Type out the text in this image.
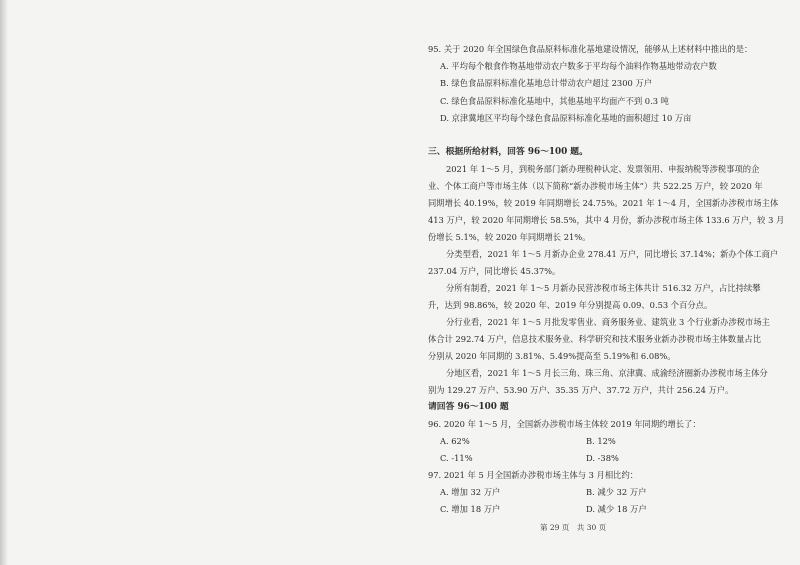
95. 关于 2020 年全国绿色食品原料标准化基地建设情况，能够从上述材料中推出的是：
A. 平均每个粮食作物基地带动农户数多于平均每个油料作物基地带动农户数
B. 绿色食品原料标准化基地总计带动农户超过 2300 万户
C. 绿色食品原料标准化基地中，其他基地平均面产不到 0.3 吨
D. 京津冀地区平均每个绿色食品原料标准化基地的面积超过 10 万亩
三、根据所给材料，回答 96～100 题。
2021 年 1～5 月，到税务部门新办理税种认定、发票领用、申报纳税等涉税事项的企
业、个体工商户等市场主体（以下简称“新办涉税市场主体”）共 522.25 万户，较 2020 年
同期增长 40.19%，较 2019 年同期增长 24.75%。2021 年 1～4 月，全国新办涉税市场主体
413 万户，较 2020 年同期增长 58.5%，其中 4 月份，新办涉税市场主体 133.6 万户，较 3 月
份增长 5.1%，较 2020 年同期增长 21%。
分类型看，2021 年 1～5 月新办企业 278.41 万户，同比增长 37.14%；新办个体工商户
237.04 万户，同比增长 45.37%。
分所有制看，2021 年 1～5 月新办民营涉税市场主体共计 516.32 万户，占比持续攀
升，达到 98.86%，较 2020 年、2019 年分别提高 0.09、0.53 个百分点。
分行业看，2021 年 1～5 月批发零售业、商务服务业、建筑业 3 个行业新办涉税市场主
体合计 292.74 万户，信息技术服务业、科学研究和技术服务业新办涉税市场主体数量占比
分别从 2020 年同期的 3.81%、5.49%提高至 5.19%和 6.08%。
分地区看，2021 年 1～5 月长三角、珠三角、京津冀、成渝经济圈新办涉税市场主体分
别为 129.27 万户、53.90 万户、35.35 万户、37.72 万户，共计 256.24 万户。
请回答 96～100 题
96. 2020 年 1～5 月，全国新办涉税市场主体较 2019 年同期约增长了：
A. 62%	B. 12%
C. -11%	D. -38%
97. 2021 年 5 月全国新办涉税市场主体与 3 月相比约：
A. 增加 32 万户	B. 减少 32 万户
C. 增加 18 万户	D. 减少 18 万户
第 29 页　共 30 页
